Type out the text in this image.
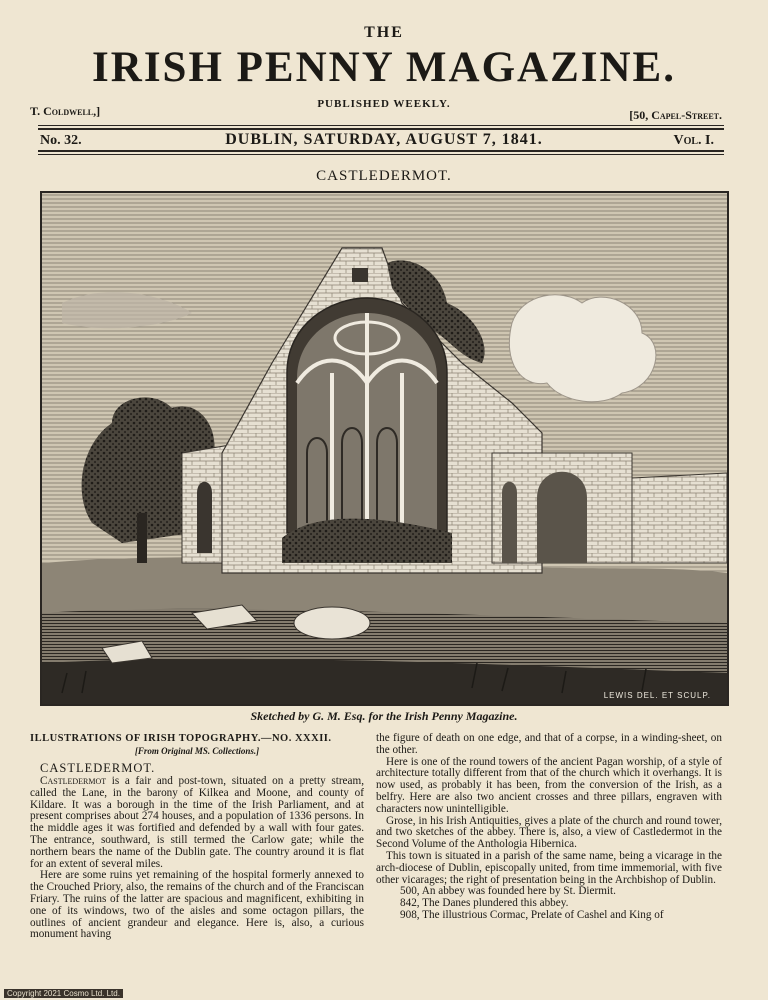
THE
IRISH PENNY MAGAZINE.
T. Coldwell,]	PUBLISHED WEEKLY.
[50, Capel-Street.
No. 32.	DUBLIN, SATURDAY, AUGUST 7, 1841.	Vol. I.
CASTLEDERMOT.
LEWIS DEL. ET SCULP.
Sketched by G. M. Esq. for the Irish Penny Magazine.
ILLUSTRATIONS OF IRISH TOPOGRAPHY.—NO. XXXII.
[From Original MS. Collections.]
CASTLEDERMOT.

Castledermot is a fair and post-town, situated on a pretty stream, called the Lane, in the barony of Kilkea and Moone, and county of Kildare. It was a borough in the time of the Irish Parliament, and at present comprises about 274 houses, and a population of 1336 persons. In the middle ages it was fortified and defended by a wall with four gates. The entrance, southward, is still termed the Carlow gate; while the northern bears the name of the Dublin gate. The country around it is flat for an extent of several miles.

Here are some ruins yet remaining of the hospital formerly annexed to the Crouched Priory, also, the remains of the church and of the Franciscan Friary. The ruins of the latter are spacious and magnificent, exhibiting in one of its windows, two of the aisles and some octagon pillars, the outlines of ancient grandeur and elegance. Here is, also, a curious monument having

the figure of death on one edge, and that of a corpse, in a winding-sheet, on the other.

Here is one of the round towers of the ancient Pagan worship, of a style of architecture totally different from that of the church which it overhangs. It is now used, as probably it has been, from the conversion of the Irish, as a belfry. Here are also two ancient crosses and three pillars, engraven with characters now unintelligible.

Grose, in his Irish Antiquities, gives a plate of the church and round tower, and two sketches of the abbey. There is, also, a view of Castledermot in the Second Volume of the Anthologia Hibernica.

This town is situated in a parish of the same name, being a vicarage in the arch-diocese of Dublin, episcopally united, from time immemorial, with five other vicarages; the right of presentation being in the Archbishop of Dublin.

500, An abbey was founded here by St. Diermit.

842, The Danes plundered this abbey.

908, The illustrious Cormac, Prelate of Cashel and King of

Copyright 2021 Cosmo Ltd. Ltd.
